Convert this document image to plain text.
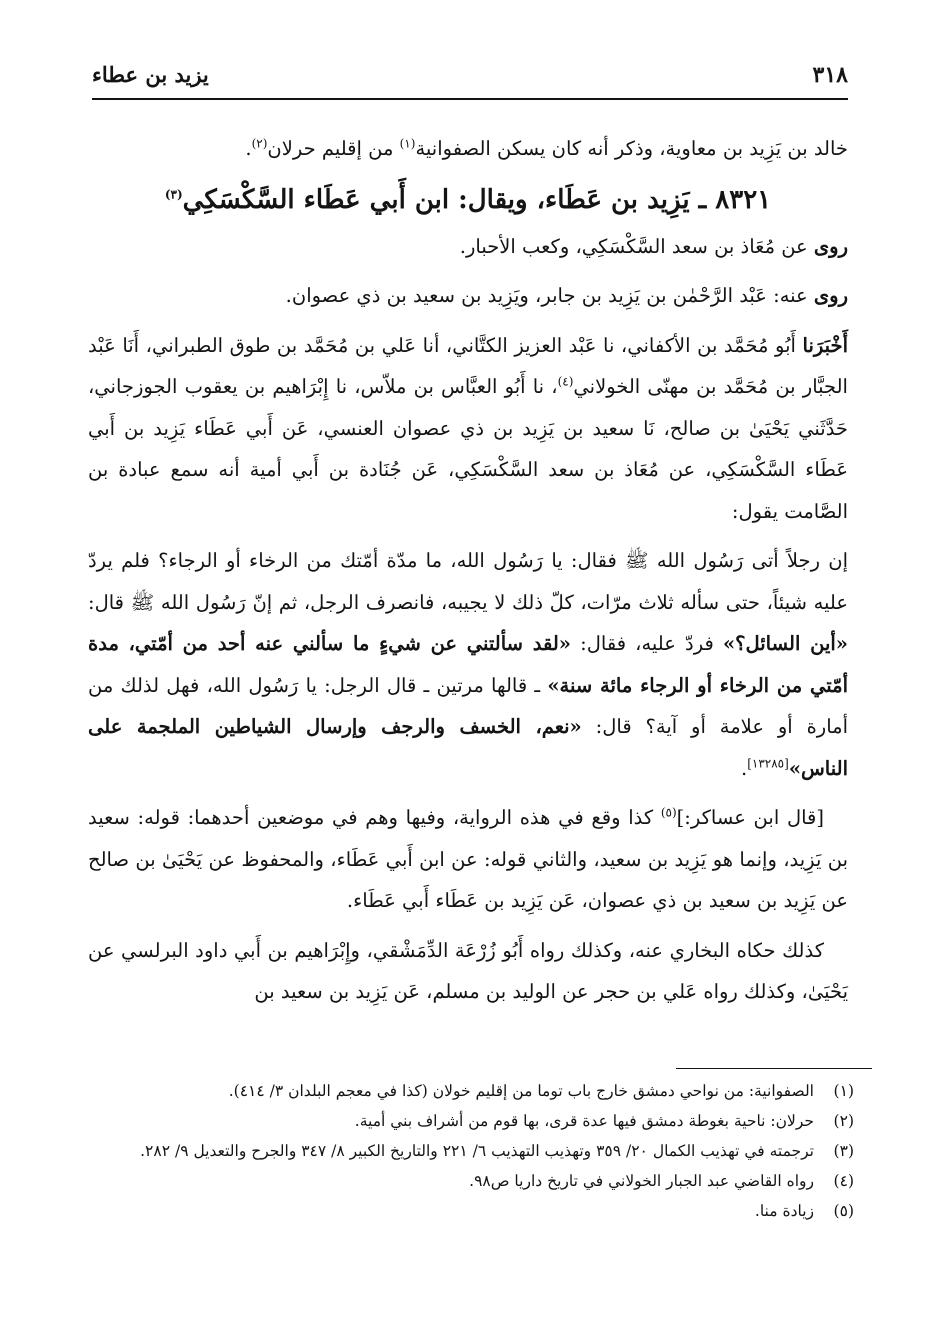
٣١٨
يزيد بن عطاء

خالد بن يَزِيد بن معاوية، وذكر أنه كان يسكن الصفوانية$^{(١)}$ من إقليم حرلان$^{(٢)}$.

٨٣٢١ ـ يَزِيد بن عَطَاء، ويقال: ابن أَبي عَطَاء السَّكْسَكِي$^{(٣)}$

روى عن مُعَاذ بن سعد السَّكْسَكِي، وكعب الأحبار.

روى عنه: عَبْد الرَّحْمٰن بن يَزِيد بن جابر، ويَزِيد بن سعيد بن ذي عصوان.

أَخْبَرَنا أَبُو مُحَمَّد بن الأكفاني، نا عَبْد العزيز الكتَّاني، أنا عَلي بن مُحَمَّد بن طوق الطبراني، أَنَا عَبْد الجبَّار بن مُحَمَّد بن مهنّى الخولاني$^{(٤)}$، نا أَبُو العبَّاس بن ملاّس، نا إِبْرَاهيم بن يعقوب الجوزجاني، حَدَّثَني يَحْيَىٰ بن صالح، نَا سعيد بن يَزِيد بن ذي عصوان العنسي، عَن أَبي عَطَاء يَزِيد بن أَبي عَطَاء السَّكْسَكِي، عن مُعَاذ بن سعد السَّكْسَكِي، عَن جُنَادة بن أَبي أمية أنه سمع عبادة بن الصَّامت يقول:

إن رجلاً أتى رَسُول الله ﷺ فقال: يا رَسُول الله، ما مدّة أمّتك من الرخاء أو الرجاء؟ فلم يردّ عليه شيئاً، حتى سأله ثلاث مرّات، كلّ ذلك لا يجيبه، فانصرف الرجل، ثم إنّ رَسُول الله ﷺ قال: «أين السائل؟» فردّ عليه، فقال: «لقد سألتني عن شيءٍ ما سألني عنه أحد من أمّتي، مدة أمّتي من الرخاء أو الرجاء مائة سنة» ـ قالها مرتين ـ قال الرجل: يا رَسُول الله، فهل لذلك من أمارة أو علامة أو آية؟ قال: «نعم، الخسف والرجف وإرسال الشياطين الملجمة على الناس»[١٣٢٨٥].

[قال ابن عساكر:]$^{(٥)}$ كذا وقع في هذه الرواية، وفيها وهم في موضعين أحدهما: قوله: سعيد بن يَزِيد، وإنما هو يَزِيد بن سعيد، والثاني قوله: عن ابن أَبي عَطَاء، والمحفوظ عن يَحْيَىٰ بن صالح عن يَزِيد بن سعيد بن ذي عصوان، عَن يَزِيد بن عَطَاء أَبي عَطَاء.

كذلك حكاه البخاري عنه، وكذلك رواه أَبُو زُرْعَة الدِّمَشْقي، وإِبْرَاهيم بن أَبي داود البرلسي عن يَحْيَىٰ، وكذلك رواه عَلي بن حجر عن الوليد بن مسلم، عَن يَزِيد بن سعيد بن

(١)
الصفوانية: من نواحي دمشق خارج باب توما من إقليم خولان (كذا في معجم البلدان ٣/ ٤١٤).
(٢)
حرلان: ناحية بغوطة دمشق فيها عدة قرى، بها قوم من أشراف بني أمية.
(٣)
ترجمته في تهذيب الكمال ٢٠/ ٣٥٩ وتهذيب التهذيب ٦/ ٢٢١ والتاريخ الكبير ٨/ ٣٤٧ والجرح والتعديل ٩/ ٢٨٢.
(٤)
رواه القاضي عبد الجبار الخولاني في تاريخ داريا ص٩٨.
(٥)
زيادة منا.
